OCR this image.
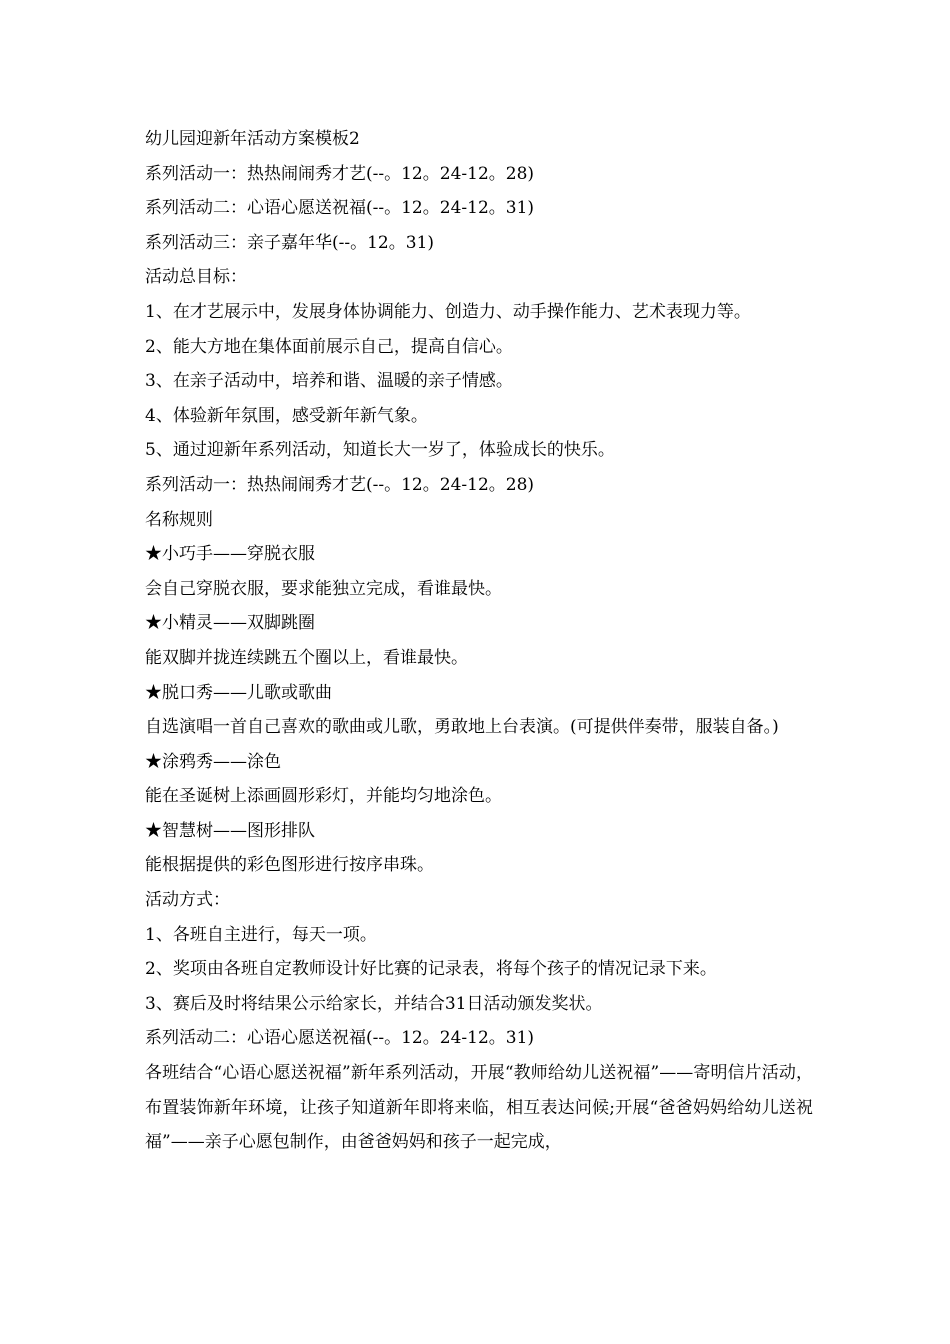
幼儿园迎新年活动方案模板2
系列活动一：热热闹闹秀才艺(--。12。24-12。28)
系列活动二：心语心愿送祝福(--。12。24-12。31)
系列活动三：亲子嘉年华(--。12。31)
活动总目标：
1、在才艺展示中，发展身体协调能力、创造力、动手操作能力、艺术表现力等。
2、能大方地在集体面前展示自己，提高自信心。
3、在亲子活动中，培养和谐、温暖的亲子情感。
4、体验新年氛围，感受新年新气象。
5、通过迎新年系列活动，知道长大一岁了，体验成长的快乐。
系列活动一：热热闹闹秀才艺(--。12。24-12。28)
名称规则
★小巧手——穿脱衣服
会自己穿脱衣服，要求能独立完成，看谁最快。
★小精灵——双脚跳圈
能双脚并拢连续跳五个圈以上，看谁最快。
★脱口秀——儿歌或歌曲
自选演唱一首自己喜欢的歌曲或儿歌，勇敢地上台表演。(可提供伴奏带，服装自备。)
★涂鸦秀——涂色
能在圣诞树上添画圆形彩灯，并能均匀地涂色。
★智慧树——图形排队
能根据提供的彩色图形进行按序串珠。
活动方式：
1、各班自主进行，每天一项。
2、奖项由各班自定教师设计好比赛的记录表，将每个孩子的情况记录下来。
3、赛后及时将结果公示给家长，并结合31日活动颁发奖状。
系列活动二：心语心愿送祝福(--。12。24-12。31)
各班结合“心语心愿送祝福”新年系列活动，开展“教师给幼儿送祝福”——寄明信片活动，布置装饰新年环境，让孩子知道新年即将来临，相互表达问候;开展“爸爸妈妈给幼儿送祝福”——亲子心愿包制作，由爸爸妈妈和孩子一起完成，
